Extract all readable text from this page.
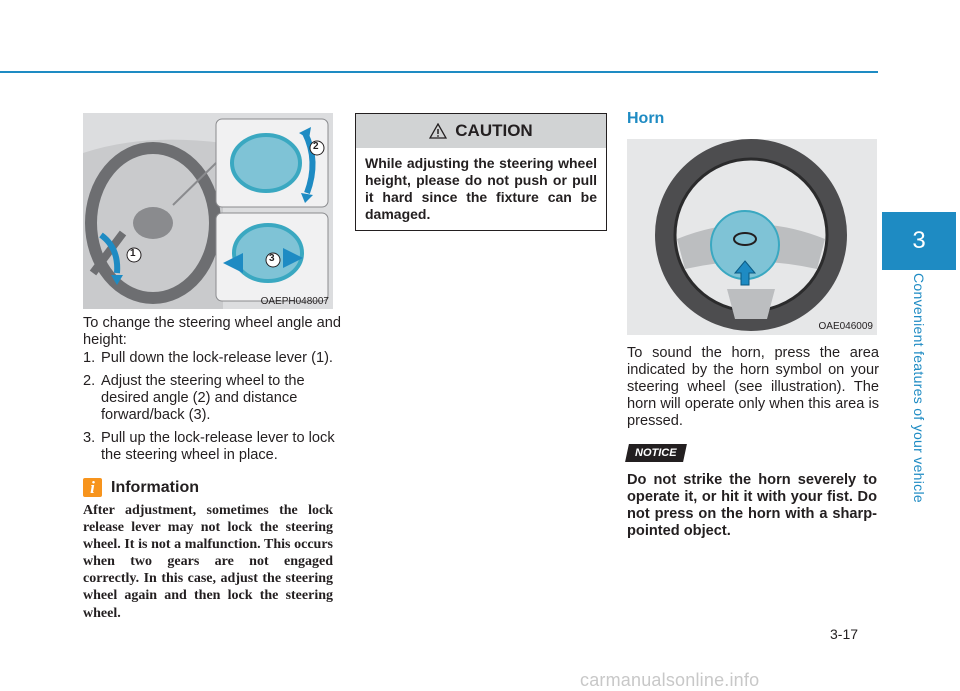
3
Convenient features of your vehicle
1
2
3
OAEPH048007

To change the steering wheel angle and height:

1. Pull down the lock-release lever (1).
2. Adjust the steering wheel to the desired angle (2) and distance forward/back (3).
3. Pull up the lock-release lever to lock the steering wheel in place.
i	Information
After adjustment, sometimes the lock release lever may not lock the steering wheel. It is not a malfunction. This occurs when two gears are not engaged correctly. In this case, adjust the steering wheel again and then lock the steering wheel.
CAUTION
While adjusting the steering wheel height, please do not push or pull it hard since the fixture can be damaged.
Horn
OAE046009

To sound the horn, press the area indicated by the horn symbol on your steering wheel (see illustration). The horn will operate only when this area is pressed.

NOTICE
Do not strike the horn severely to operate it, or hit it with your fist. Do not press on the horn with a sharp-pointed object.
3-17
carmanualsonline.info
